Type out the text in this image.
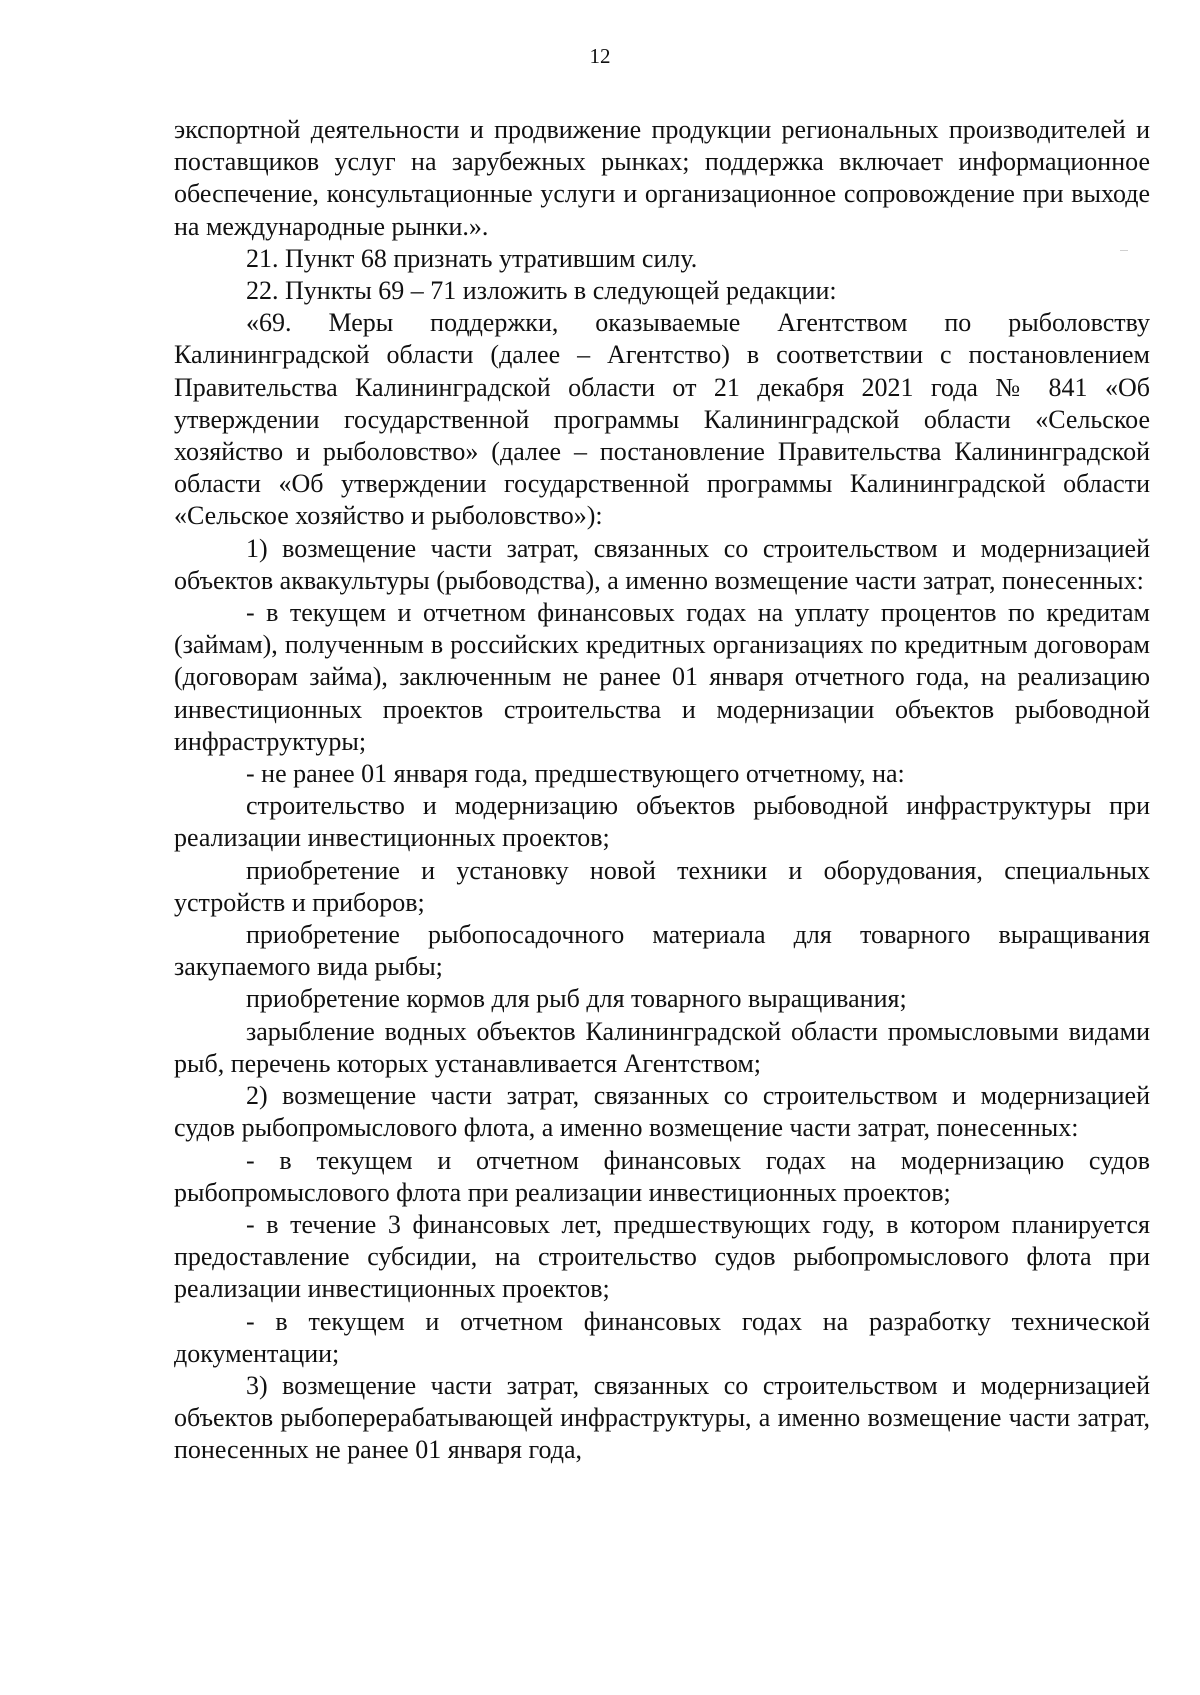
12

экспортной деятельности и продвижение продукции региональных производителей и поставщиков услуг на зарубежных рынках; поддержка включает информационное обеспечение, консультационные услуги и организационное сопровождение при выходе на международные рынки.».

21. Пункт 68 признать утратившим силу.

22. Пункты 69 – 71 изложить в следующей редакции:

«69. Меры поддержки, оказываемые Агентством по рыболовству Калининградской области (далее – Агентство) в соответствии с постановлением Правительства Калининградской области от 21 декабря 2021 года № 841 «Об утверждении государственной программы Калининградской области «Сельское хозяйство и рыболовство» (далее – постановление Правительства Калининградской области «Об утверждении государственной программы Калининградской области «Сельское хозяйство и рыболовство»):

1) возмещение части затрат, связанных со строительством и модернизацией объектов аквакультуры (рыбоводства), а именно возмещение части затрат, понесенных:

- в текущем и отчетном финансовых годах на уплату процентов по кредитам (займам), полученным в российских кредитных организациях по кредитным договорам (договорам займа), заключенным не ранее 01 января отчетного года, на реализацию инвестиционных проектов строительства и модернизации объектов рыбоводной инфраструктуры;

- не ранее 01 января года, предшествующего отчетному, на:

строительство и модернизацию объектов рыбоводной инфраструктуры при реализации инвестиционных проектов;

приобретение и установку новой техники и оборудования, специальных устройств и приборов;

приобретение рыбопосадочного материала для товарного выращивания закупаемого вида рыбы;

приобретение кормов для рыб для товарного выращивания;

зарыбление водных объектов Калининградской области промысловыми видами рыб, перечень которых устанавливается Агентством;

2) возмещение части затрат, связанных со строительством и модернизацией судов рыбопромыслового флота, а именно возмещение части затрат, понесенных:

- в текущем и отчетном финансовых годах на модернизацию судов рыбопромыслового флота при реализации инвестиционных проектов;

- в течение 3 финансовых лет, предшествующих году, в котором планируется предоставление субсидии, на строительство судов рыбопромыслового флота при реализации инвестиционных проектов;

- в текущем и отчетном финансовых годах на разработку технической документации;

3) возмещение части затрат, связанных со строительством и модернизацией объектов рыбоперерабатывающей инфраструктуры, а именно возмещение части затрат, понесенных не ранее 01 января года,
